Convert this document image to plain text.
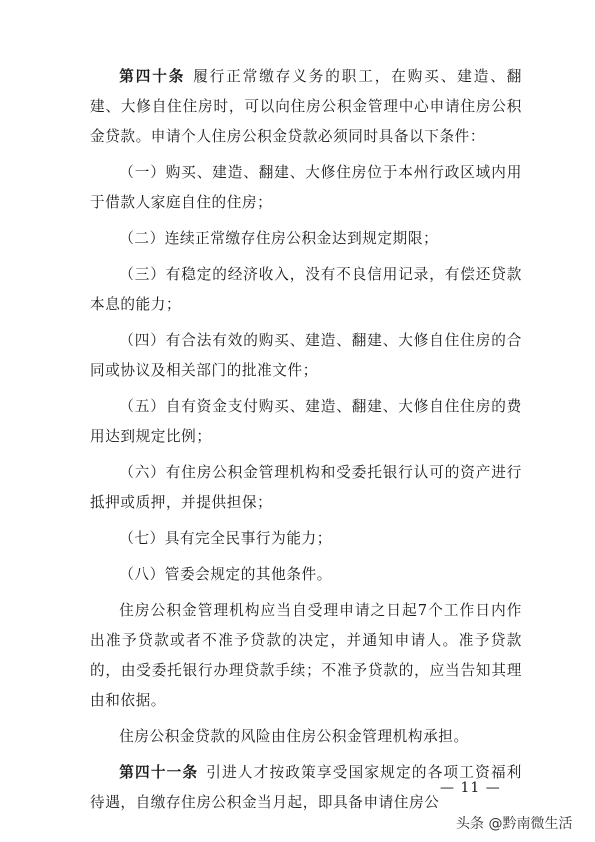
第四十条 履行正常缴存义务的职工，在购买、建造、翻建、大修自住住房时，可以向住房公积金管理中心申请住房公积金贷款。申请个人住房公积金贷款必须同时具备以下条件：

（一）购买、建造、翻建、大修住房位于本州行政区域内用于借款人家庭自住的住房；

（二）连续正常缴存住房公积金达到规定期限；

（三）有稳定的经济收入，没有不良信用记录，有偿还贷款本息的能力；

（四）有合法有效的购买、建造、翻建、大修自住住房的合同或协议及相关部门的批准文件；

（五）自有资金支付购买、建造、翻建、大修自住住房的费用达到规定比例；

（六）有住房公积金管理机构和受委托银行认可的资产进行抵押或质押，并提供担保；

（七）具有完全民事行为能力；

（八）管委会规定的其他条件。

住房公积金管理机构应当自受理申请之日起7个工作日内作出准予贷款或者不准予贷款的决定，并通知申请人。准予贷款的，由受委托银行办理贷款手续；不准予贷款的，应当告知其理由和依据。

住房公积金贷款的风险由住房公积金管理机构承担。

第四十一条 引进人才按政策享受国家规定的各项工资福利待遇，自缴存住房公积金当月起，即具备申请住房公

— 11 —
头条 @黔南微生活
